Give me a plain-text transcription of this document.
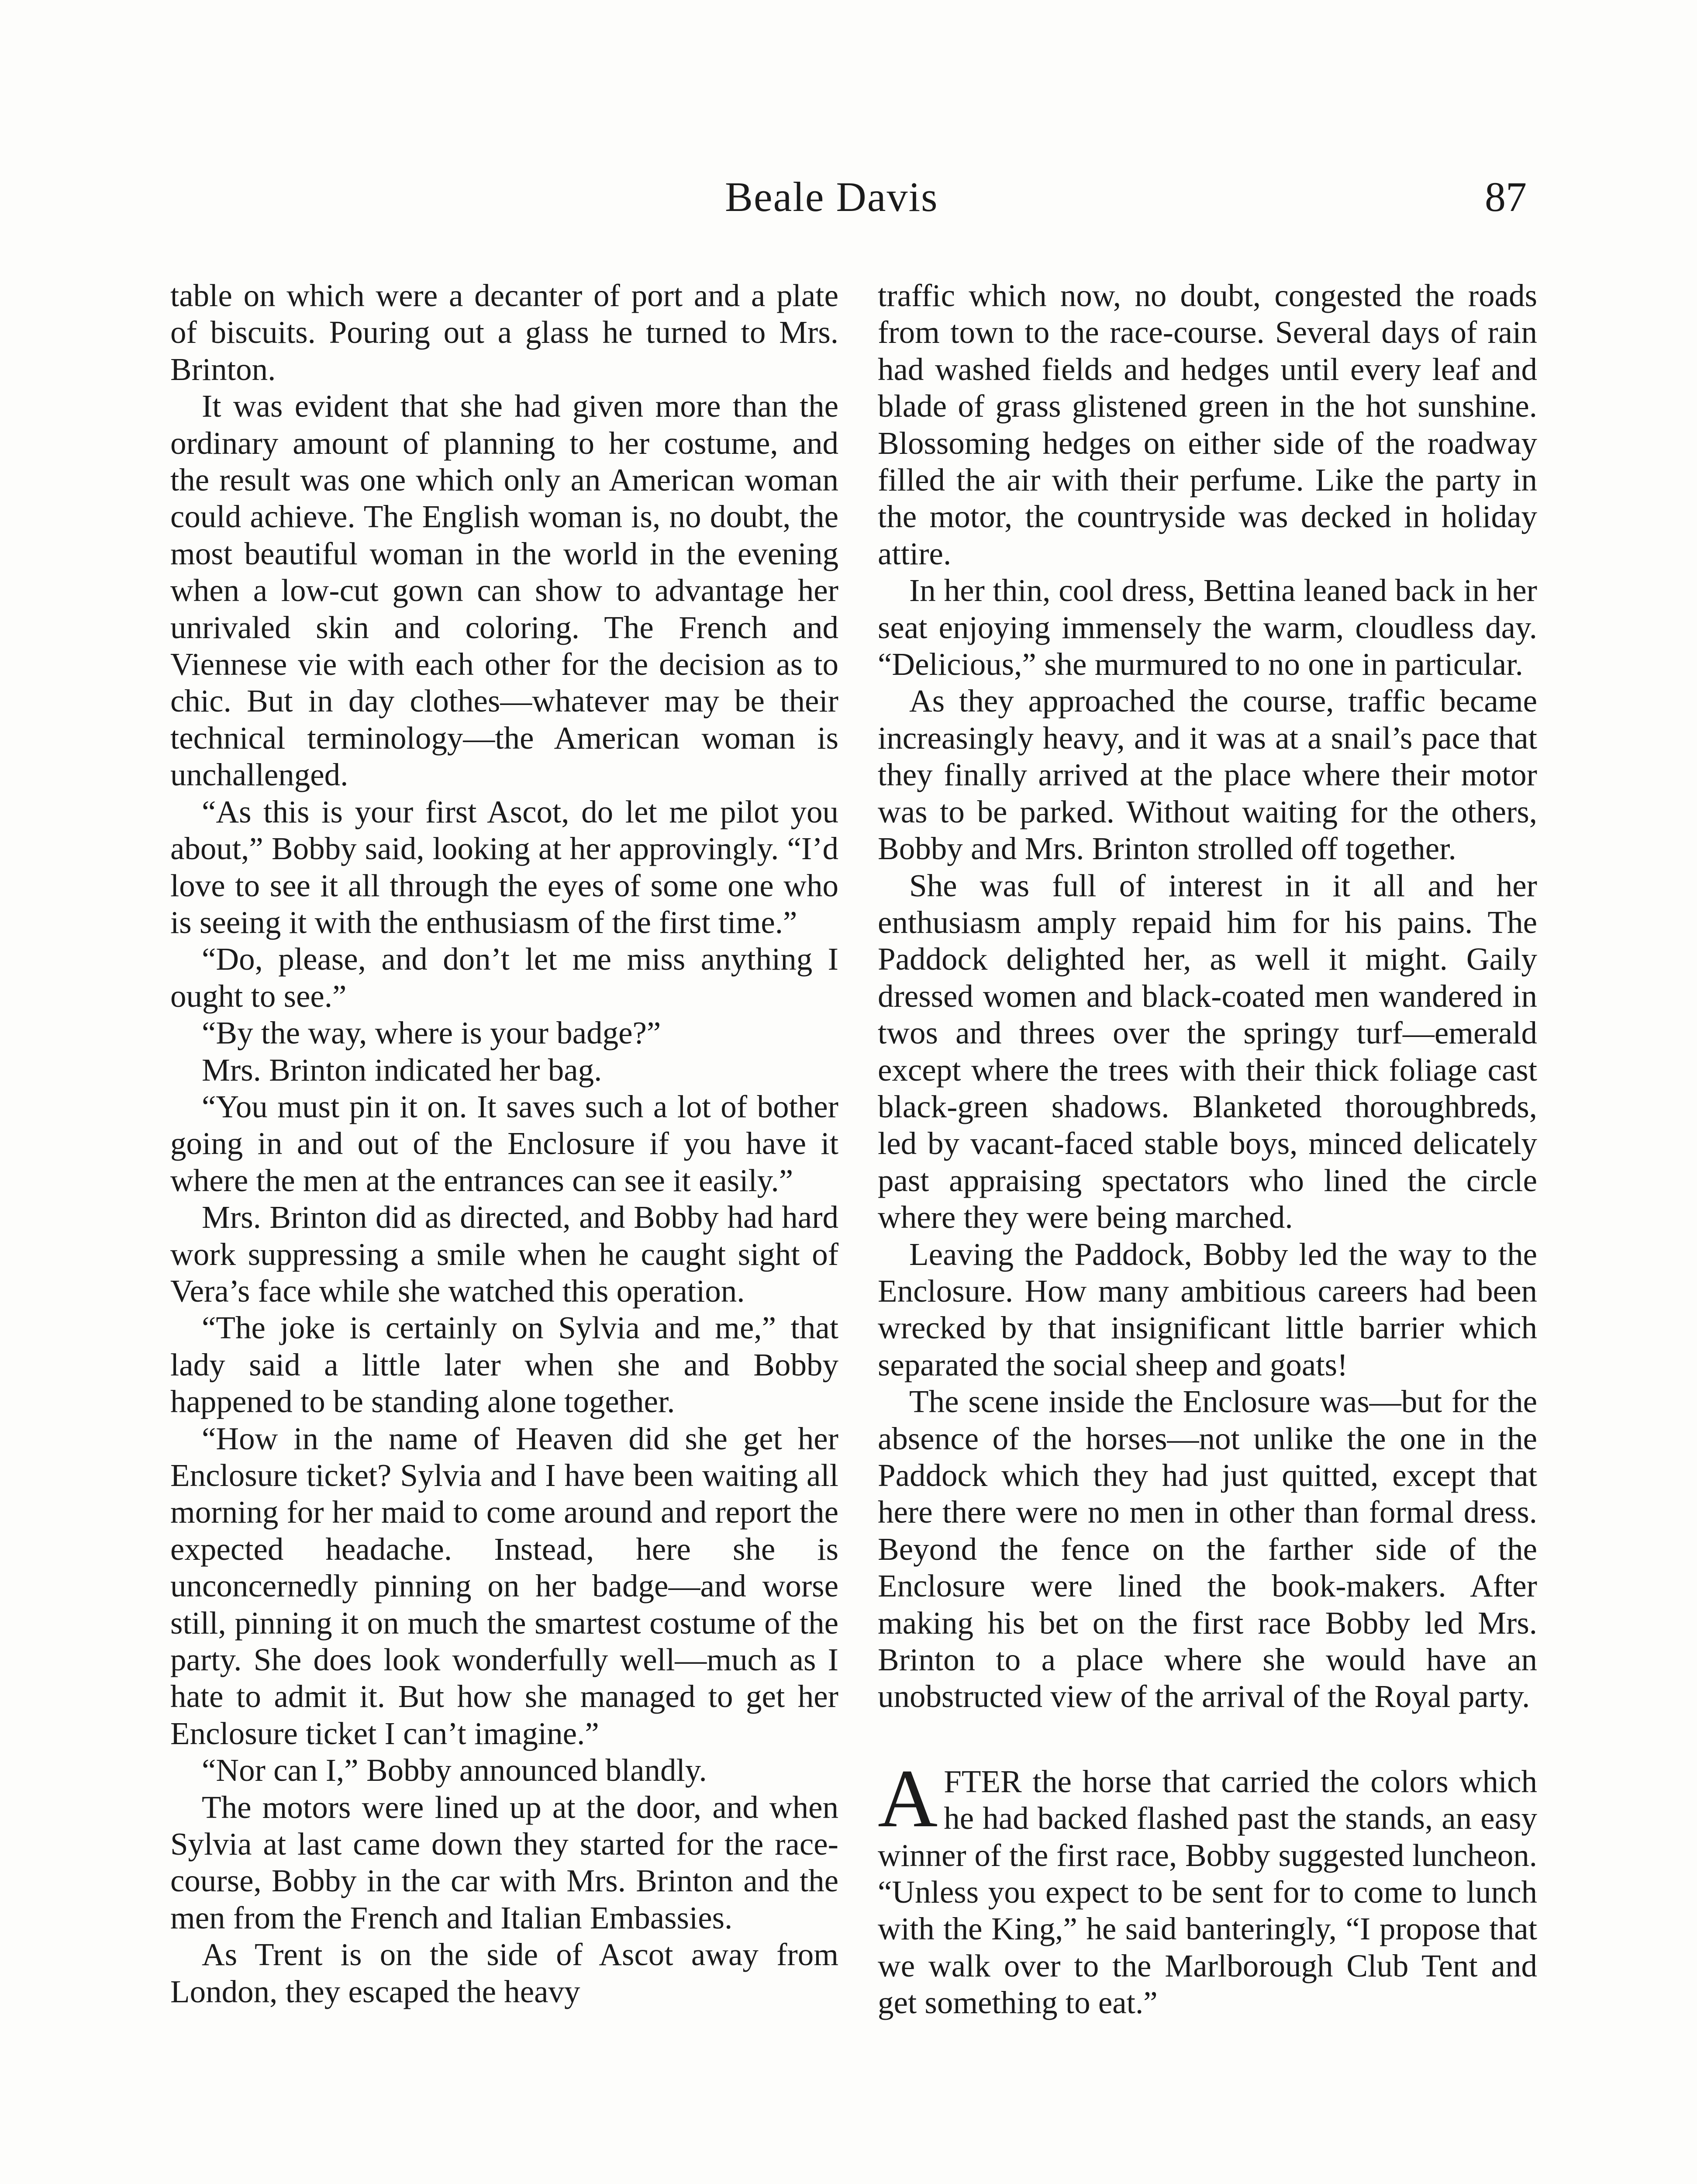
Beale Davis	87

table on which were a decanter of port and a plate of biscuits. Pouring out a glass he turned to Mrs. Brinton.

It was evident that she had given more than the ordinary amount of planning to her costume, and the result was one which only an American woman could achieve. The English woman is, no doubt, the most beautiful woman in the world in the evening when a low-cut gown can show to advantage her unrivaled skin and coloring. The French and Viennese vie with each other for the decision as to chic. But in day clothes—whatever may be their technical terminology—the American woman is unchallenged.

“As this is your first Ascot, do let me pilot you about,” Bobby said, looking at her approvingly. “I’d love to see it all through the eyes of some one who is seeing it with the enthusiasm of the first time.”

“Do, please, and don’t let me miss anything I ought to see.”

“By the way, where is your badge?”

Mrs. Brinton indicated her bag.

“You must pin it on. It saves such a lot of bother going in and out of the Enclosure if you have it where the men at the entrances can see it easily.”

Mrs. Brinton did as directed, and Bobby had hard work suppressing a smile when he caught sight of Vera’s face while she watched this operation.

“The joke is certainly on Sylvia and me,” that lady said a little later when she and Bobby happened to be standing alone together.

“How in the name of Heaven did she get her Enclosure ticket? Sylvia and I have been waiting all morning for her maid to come around and report the expected headache. Instead, here she is unconcernedly pinning on her badge—and worse still, pinning it on much the smartest costume of the party. She does look wonderfully well—much as I hate to admit it. But how she managed to get her Enclosure ticket I can’t imagine.”

“Nor can I,” Bobby announced blandly.

The motors were lined up at the door, and when Sylvia at last came down they started for the race-course, Bobby in the car with Mrs. Brinton and the men from the French and Italian Embassies.

As Trent is on the side of Ascot away from London, they escaped the heavy

traffic which now, no doubt, congested the roads from town to the race-course. Several days of rain had washed fields and hedges until every leaf and blade of grass glistened green in the hot sunshine. Blossoming hedges on either side of the roadway filled the air with their perfume. Like the party in the motor, the countryside was decked in holiday attire.

In her thin, cool dress, Bettina leaned back in her seat enjoying immensely the warm, cloudless day. “Delicious,” she murmured to no one in particular.

As they approached the course, traffic became increasingly heavy, and it was at a snail’s pace that they finally arrived at the place where their motor was to be parked. Without waiting for the others, Bobby and Mrs. Brinton strolled off together.

She was full of interest in it all and her enthusiasm amply repaid him for his pains. The Paddock delighted her, as well it might. Gaily dressed women and black-coated men wandered in twos and threes over the springy turf—emerald except where the trees with their thick foliage cast black-green shadows. Blanketed thoroughbreds, led by vacant-faced stable boys, minced delicately past appraising spectators who lined the circle where they were being marched.

Leaving the Paddock, Bobby led the way to the Enclosure. How many ambitious careers had been wrecked by that insignificant little barrier which separated the social sheep and goats!

The scene inside the Enclosure was—but for the absence of the horses—not unlike the one in the Paddock which they had just quitted, except that here there were no men in other than formal dress. Beyond the fence on the farther side of the Enclosure were lined the book-makers. After making his bet on the first race Bobby led Mrs. Brinton to a place where she would have an unobstructed view of the arrival of the Royal party.

AFTER the horse that carried the colors which he had backed flashed past the stands, an easy winner of the first race, Bobby suggested luncheon. “Unless you expect to be sent for to come to lunch with the King,” he said banteringly, “I propose that we walk over to the Marlborough Club Tent and get something to eat.”
